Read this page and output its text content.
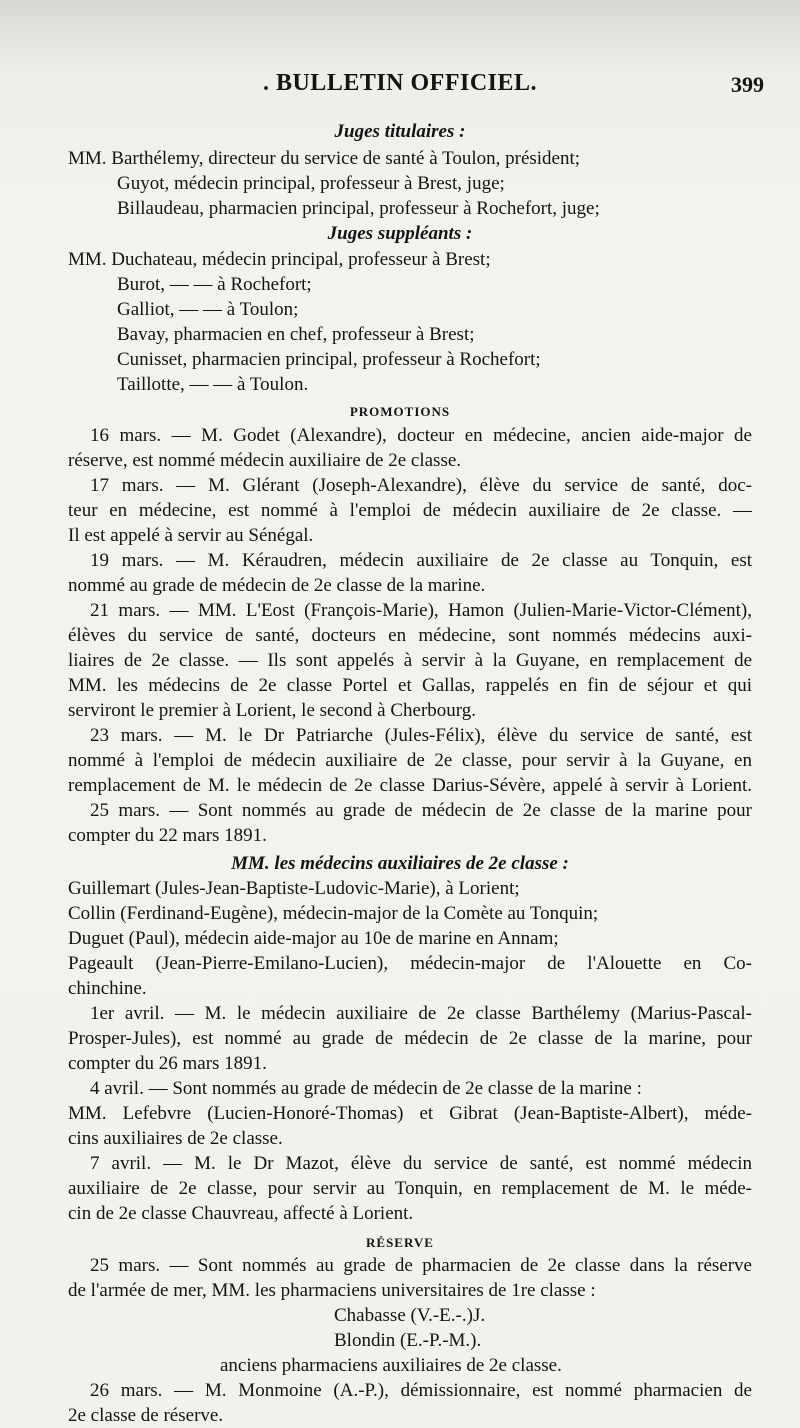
. BULLETIN OFFICIEL.	399
Juges titulaires :
MM. Barthélemy, directeur du service de santé à Toulon, président;
Guyot, médecin principal, professeur à Brest, juge;
Billaudeau, pharmacien principal, professeur à Rochefort, juge;
Juges suppléants :
MM. Duchateau, médecin principal, professeur à Brest;
Burot, — — à Rochefort;
Galliot, — — à Toulon;
Bavay, pharmacien en chef, professeur à Brest;
Cunisset, pharmacien principal, professeur à Rochefort;
Taillotte, — — à Toulon.
PROMOTIONS
16 mars. — M. Godet (Alexandre), docteur en médecine, ancien aide-major de
réserve, est nommé médecin auxiliaire de 2e classe.
17 mars. — M. Glérant (Joseph-Alexandre), élève du service de santé, doc-
teur en médecine, est nommé à l'emploi de médecin auxiliaire de 2e classe. —
Il est appelé à servir au Sénégal.
19 mars. — M. Kéraudren, médecin auxiliaire de 2e classe au Tonquin, est
nommé au grade de médecin de 2e classe de la marine.
21 mars. — MM. L'Eost (François-Marie), Hamon (Julien-Marie-Victor-Clément),
élèves du service de santé, docteurs en médecine, sont nommés médecins auxi-
liaires de 2e classe. — Ils sont appelés à servir à la Guyane, en remplacement de
MM. les médecins de 2e classe Portel et Gallas, rappelés en fin de séjour et qui
serviront le premier à Lorient, le second à Cherbourg.
23 mars. — M. le Dr Patriarche (Jules-Félix), élève du service de santé, est
nommé à l'emploi de médecin auxiliaire de 2e classe, pour servir à la Guyane, en
remplacement de M. le médecin de 2e classe Darius-Sévère, appelé à servir à Lorient.
25 mars. — Sont nommés au grade de médecin de 2e classe de la marine pour
compter du 22 mars 1891.
MM. les médecins auxiliaires de 2e classe :
Guillemart (Jules-Jean-Baptiste-Ludovic-Marie), à Lorient;
Collin (Ferdinand-Eugène), médecin-major de la Comète au Tonquin;
Duguet (Paul), médecin aide-major au 10e de marine en Annam;
Pageault (Jean-Pierre-Emilano-Lucien), médecin-major de l'Alouette en Co-
chinchine.
1er avril. — M. le médecin auxiliaire de 2e classe Barthélemy (Marius-Pascal-
Prosper-Jules), est nommé au grade de médecin de 2e classe de la marine, pour
compter du 26 mars 1891.
4 avril. — Sont nommés au grade de médecin de 2e classe de la marine :
MM. Lefebvre (Lucien-Honoré-Thomas) et Gibrat (Jean-Baptiste-Albert), méde-
cins auxiliaires de 2e classe.
7 avril. — M. le Dr Mazot, élève du service de santé, est nommé médecin
auxiliaire de 2e classe, pour servir au Tonquin, en remplacement de M. le méde-
cin de 2e classe Chauvreau, affecté à Lorient.
RÉSERVE
25 mars. — Sont nommés au grade de pharmacien de 2e classe dans la réserve
de l'armée de mer, MM. les pharmaciens universitaires de 1re classe :
Chabasse (V.-E.-.)J.
Blondin (E.-P.-M.).
anciens pharmaciens auxiliaires de 2e classe.
26 mars. — M. Monmoine (A.-P.), démissionnaire, est nommé pharmacien de
2e classe de réserve.
